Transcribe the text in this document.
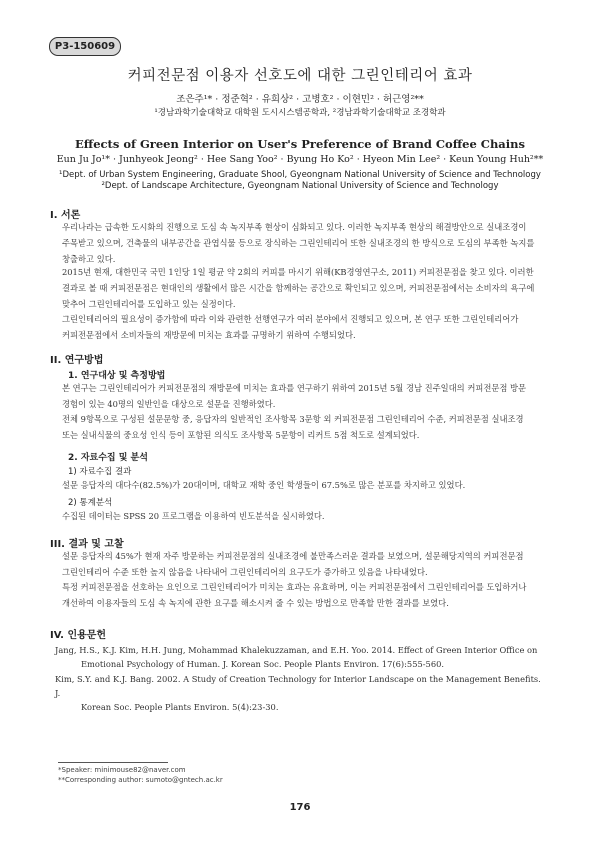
P3-150609
커피전문점 이용자 선호도에 대한 그린인테리어 효과
조은주¹* · 정준혁² · 유희상² · 고병호² · 이현민² · 허근영²**
¹경남과학기술대학교 대학원 도시시스템공학과, ²경남과학기술대학교 조경학과
Effects of Green Interior on User's Preference of Brand Coffee Chains
Eun Ju Jo¹* · Junhyeok Jeong² · Hee Sang Yoo² · Byung Ho Ko² · Hyeon Min Lee² · Keun Young Huh²**
¹Dept. of Urban System Engineering, Graduate Shool, Gyeongnam National University of Science and Technology
²Dept. of Landscape Architecture, Gyeongnam National University of Science and Technology
I. 서론
우리나라는 급속한 도시화의 진행으로 도심 속 녹지부족 현상이 심화되고 있다. 이러한 녹지부족 현상의 해결방안으로 실내조경이
주목받고 있으며, 건축물의 내부공간을 관엽식물 등으로 장식하는 그린인테리어 또한 실내조경의 한 방식으로 도심의 부족한 녹지를
창출하고 있다.
2015년 현재, 대한민국 국민 1인당 1일 평균 약 2회의 커피를 마시기 위해(KB경영연구소, 2011) 커피전문점을 찾고 있다. 이러한
결과로 볼 때 커피전문점은 현대인의 생활에서 많은 시간을 함께하는 공간으로 확인되고 있으며, 커피전문점에서는 소비자의 욕구에
맞추어 그린인테리어를 도입하고 있는 실정이다.
그린인테리어의 필요성이 증가함에 따라 이와 관련한 선행연구가 여러 분야에서 진행되고 있으며, 본 연구 또한 그린인테리어가
커피전문점에서 소비자들의 재방문에 미치는 효과를 규명하기 위하여 수행되었다.
II. 연구방법
1. 연구대상 및 측정방법
본 연구는 그린인테리어가 커피전문점의 재방문에 미치는 효과를 연구하기 위하여 2015년 5월 경남 진주일대의 커피전문점 방문
경험이 있는 40명의 일반인을 대상으로 설문을 진행하였다.
전체 9항목으로 구성된 설문문항 중, 응답자의 일반적인 조사항목 3문항 외 커피전문점 그린인테리어 수준, 커피전문점 실내조경
또는 실내식물의 중요성 인식 등이 포함된 의식도 조사항목 5문항이 리커트 5점 척도로 설계되었다.
2. 자료수집 및 분석
1) 자료수집 결과
설문 응답자의 대다수(82.5%)가 20대이며, 대학교 재학 중인 학생들이 67.5%로 많은 분포를 차지하고 있었다.
2) 통계분석
수집된 데이터는 SPSS 20 프로그램을 이용하여 빈도분석을 실시하였다.
III. 결과 및 고찰
설문 응답자의 45%가 현재 자주 방문하는 커피전문점의 실내조경에 불만족스러운 결과를 보였으며, 설문해당지역의 커피전문점
그린인테리어 수준 또한 높지 않음을 나타내어 그린인테리어의 요구도가 증가하고 있음을 나타내었다.
특정 커피전문점을 선호하는 요인으로 그린인테리어가 미치는 효과는 유효하며, 이는 커피전문점에서 그린인테리어를 도입하거나
개선하여 이용자들의 도심 속 녹지에 관한 요구를 해소시켜 줄 수 있는 방법으로 만족할 만한 결과를 보였다.
IV. 인용문헌
Jang, H.S., K.J. Kim, H.H. Jung, Mohammad Khalekuzzaman, and E.H. Yoo. 2014. Effect of Green Interior Office on
Emotional Psychology of Human. J. Korean Soc. People Plants Environ. 17(6):555-560.
Kim, S.Y. and K.J. Bang. 2002. A Study of Creation Technology for Interior Landscape on the Management Benefits. J.
Korean Soc. People Plants Environ. 5(4):23-30.
*Speaker: minimouse82@naver.com
**Corresponding author: sumoto@gntech.ac.kr
176
